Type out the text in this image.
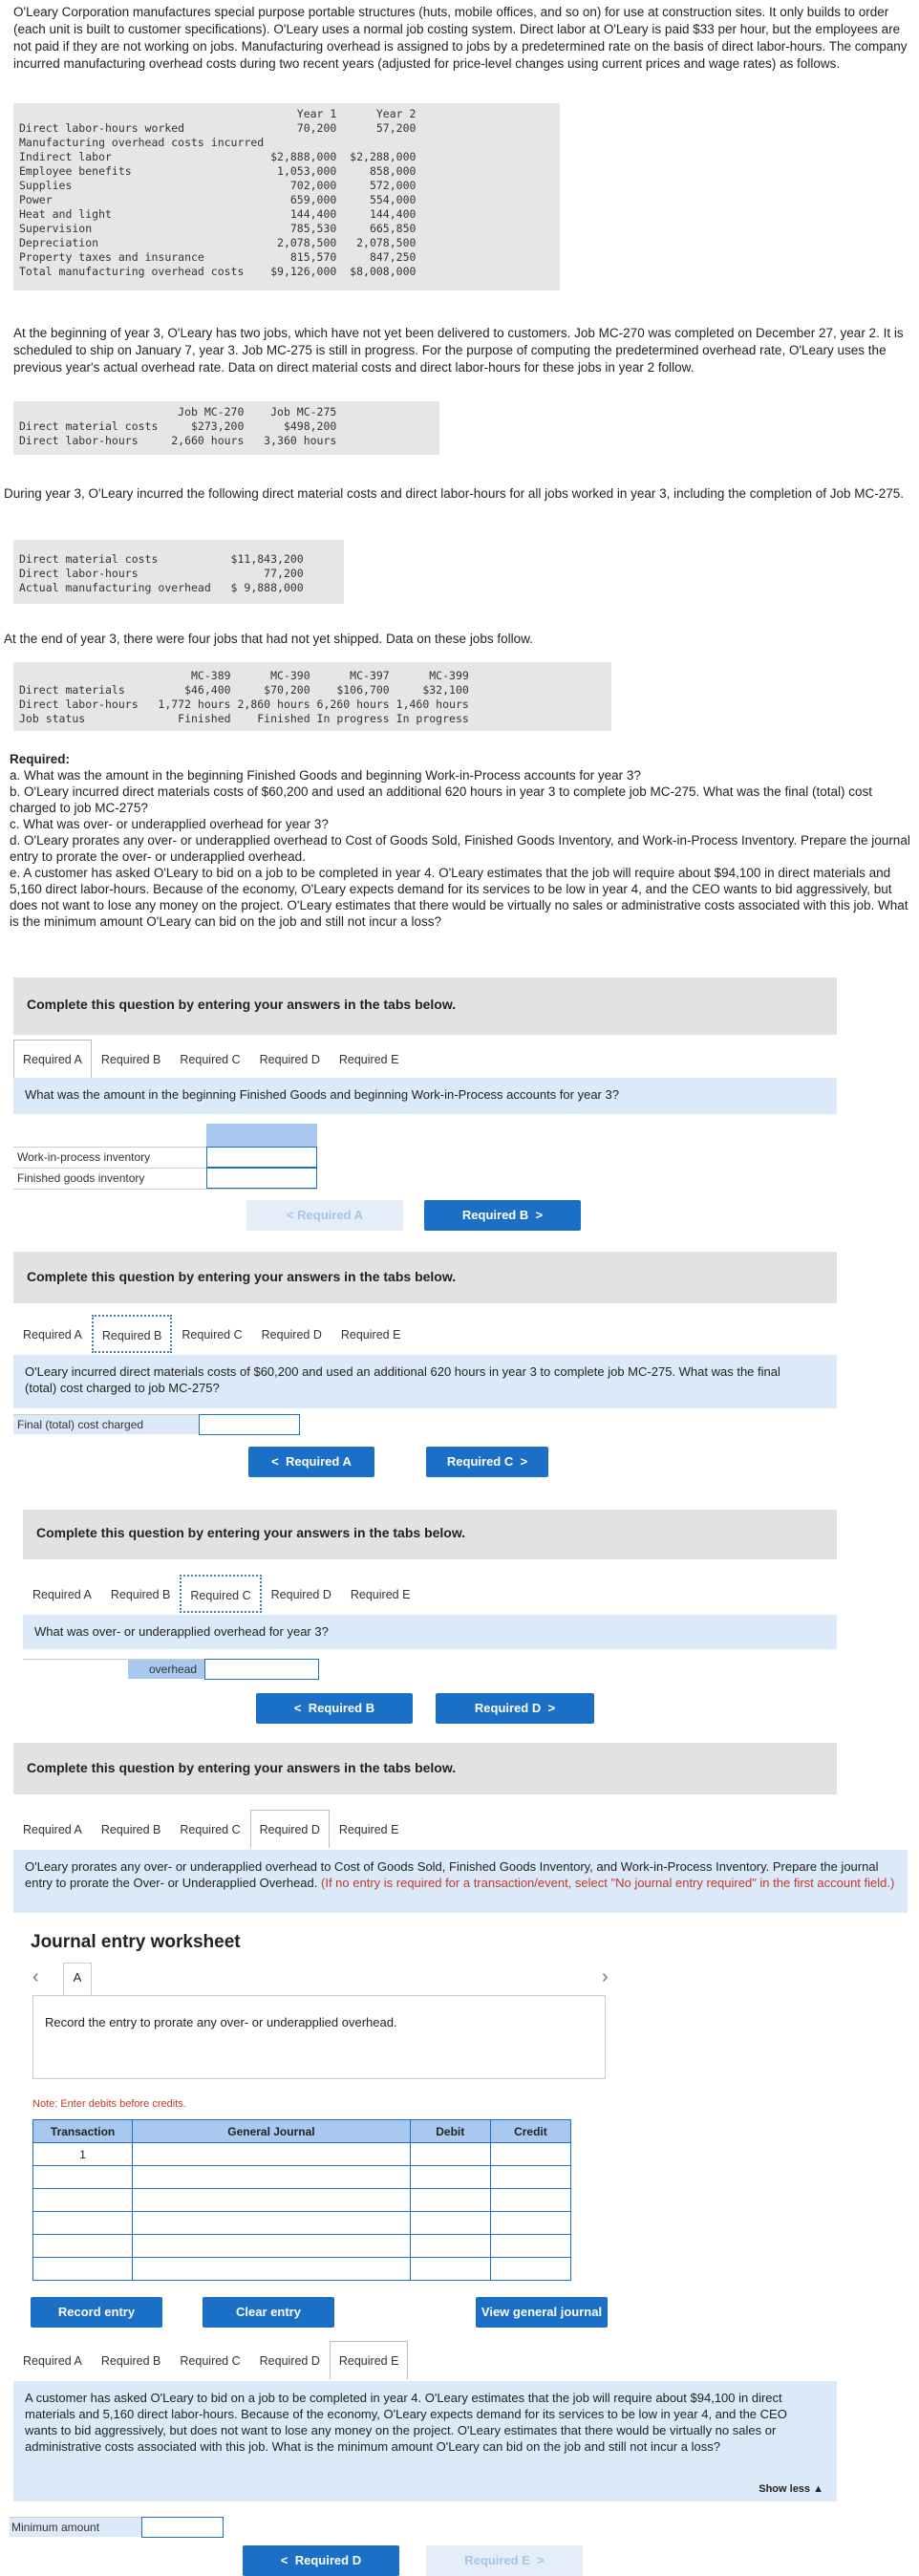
O'Leary Corporation manufactures special purpose portable structures (huts, mobile offices, and so on) for use at construction sites. It only builds to order (each unit is built to customer specifications). O'Leary uses a normal job costing system. Direct labor at O'Leary is paid $33 per hour, but the employees are not paid if they are not working on jobs. Manufacturing overhead is assigned to jobs by a predetermined rate on the basis of direct labor-hours. The company incurred manufacturing overhead costs during two recent years (adjusted for price-level changes using current prices and wage rates) as follows.
Year 1      Year 2
Direct labor-hours worked                 70,200      57,200
Manufacturing overhead costs incurred
Indirect labor                        $2,888,000  $2,288,000
Employee benefits                      1,053,000     858,000
Supplies                                 702,000     572,000
Power                                    659,000     554,000
Heat and light                           144,400     144,400
Supervision                              785,530     665,850
Depreciation                           2,078,500   2,078,500
Property taxes and insurance             815,570     847,250
Total manufacturing overhead costs    $9,126,000  $8,008,000
At the beginning of year 3, O'Leary has two jobs, which have not yet been delivered to customers. Job MC-270 was completed on December 27, year 2. It is scheduled to ship on January 7, year 3. Job MC-275 is still in progress. For the purpose of computing the predetermined overhead rate, O'Leary uses the previous year's actual overhead rate. Data on direct material costs and direct labor-hours for these jobs in year 2 follow.
Job MC-270    Job MC-275
Direct material costs     $273,200      $498,200
Direct labor-hours     2,660 hours   3,360 hours
During year 3, O'Leary incurred the following direct material costs and direct labor-hours for all jobs worked in year 3, including the completion of Job MC-275.
Direct material costs           $11,843,200
Direct labor-hours                   77,200
Actual manufacturing overhead   $ 9,888,000
At the end of year 3, there were four jobs that had not yet shipped. Data on these jobs follow.
MC-389      MC-390      MC-397      MC-399
Direct materials         $46,400     $70,200    $106,700     $32,100
Direct labor-hours   1,772 hours 2,860 hours 6,260 hours 1,460 hours
Job status              Finished    Finished In progress In progress
Required:
a. What was the amount in the beginning Finished Goods and beginning Work-in-Process accounts for year 3?
b. O'Leary incurred direct materials costs of $60,200 and used an additional 620 hours in year 3 to complete job MC-275. What was the final (total) cost charged to job MC-275?
c. What was over- or underapplied overhead for year 3?
d. O'Leary prorates any over- or underapplied overhead to Cost of Goods Sold, Finished Goods Inventory, and Work-in-Process Inventory. Prepare the journal entry to prorate the over- or underapplied overhead.
e. A customer has asked O'Leary to bid on a job to be completed in year 4. O'Leary estimates that the job will require about $94,100 in direct materials and 5,160 direct labor-hours. Because of the economy, O'Leary expects demand for its services to be low in year 4, and the CEO wants to bid aggressively, but does not want to lose any money on the project. O'Leary estimates that there would be virtually no sales or administrative costs associated with this job. What is the minimum amount O'Leary can bid on the job and still not incur a loss?
Complete this question by entering your answers in the tabs below.
Required A	Required B	Required C	Required D	Required E
What was the amount in the beginning Finished Goods and beginning Work-in-Process accounts for year 3?
Work-in-process inventory
Finished goods inventory
< Required A	Required B  >
Complete this question by entering your answers in the tabs below.
Required A	Required B	Required C	Required D	Required E
O'Leary incurred direct materials costs of $60,200 and used an additional 620 hours in year 3 to complete job MC-275. What was the final (total) cost charged to job MC-275?
Final (total) cost charged
<  Required A	Required C  >
Complete this question by entering your answers in the tabs below.
Required A	Required B	Required C	Required D	Required E
What was over- or underapplied overhead for year 3?
overhead
<  Required B	Required D  >
Complete this question by entering your answers in the tabs below.
Required A	Required B	Required C	Required D	Required E
O'Leary prorates any over- or underapplied overhead to Cost of Goods Sold, Finished Goods Inventory, and Work-in-Process Inventory. Prepare the journal entry to prorate the Over- or Underapplied Overhead. (If no entry is required for a transaction/event, select "No journal entry required" in the first account field.)
Journal entry worksheet
‹	A	›
Record the entry to prorate any over- or underapplied overhead.
Note: Enter debits before credits.
Transaction	General Journal	Debit	Credit
1			

Record entry	Clear entry	View general journal
Required A	Required B	Required C	Required D	Required E
A customer has asked O'Leary to bid on a job to be completed in year 4. O'Leary estimates that the job will require about $94,100 in direct materials and 5,160 direct labor-hours. Because of the economy, O'Leary expects demand for its services to be low in year 4, and the CEO wants to bid aggressively, but does not want to lose any money on the project. O'Leary estimates that there would be virtually no sales or administrative costs associated with this job. What is the minimum amount O'Leary can bid on the job and still not incur a loss?
Show less ▲
Minimum amount
<  Required D	Required E  >
